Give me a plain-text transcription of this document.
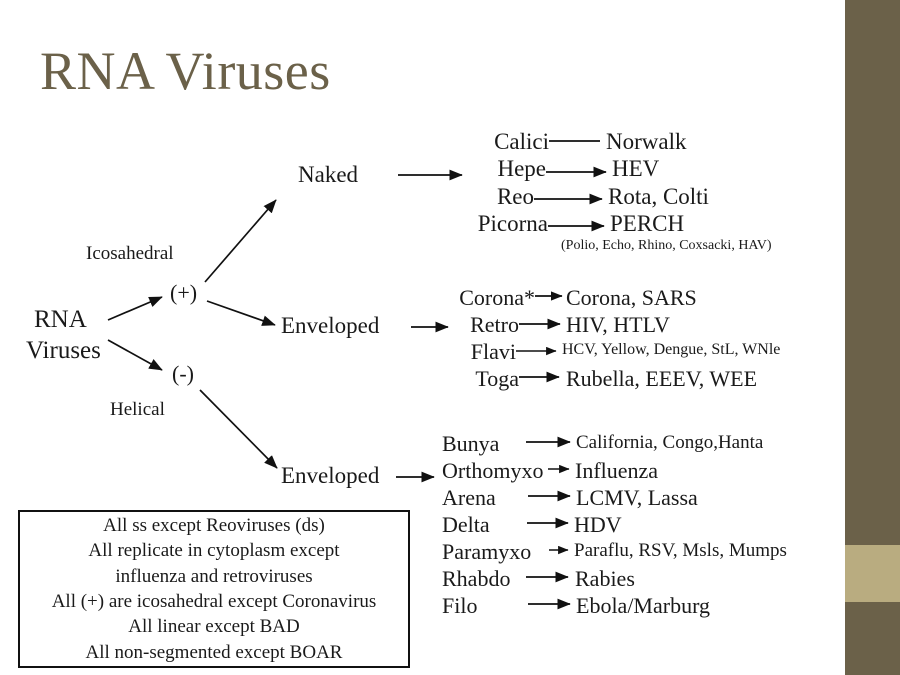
RNA Viruses
RNA
Viruses
(+)
(-)
Icosahedral
Helical
Naked
Enveloped
Enveloped
Calici
Hepe
Reo
Picorna
Norwalk
HEV
Rota, Colti
PERCH
(Polio, Echo, Rhino, Coxsacki, HAV)
Corona*
Retro
Flavi
Toga
Corona, SARS
HIV, HTLV
HCV, Yellow, Dengue, StL, WNle
Rubella, EEEV, WEE
Bunya
Orthomyxo
Arena
Delta
Paramyxo
Rhabdo
Filo
California, Congo,Hanta
Influenza
LCMV, Lassa
HDV
Paraflu, RSV, Msls, Mumps
Rabies
Ebola/Marburg
All ss except Reoviruses (ds)
All replicate in cytoplasm except
influenza and retroviruses
All (+) are icosahedral except Coronavirus
All linear except BAD
All non-segmented except BOAR
